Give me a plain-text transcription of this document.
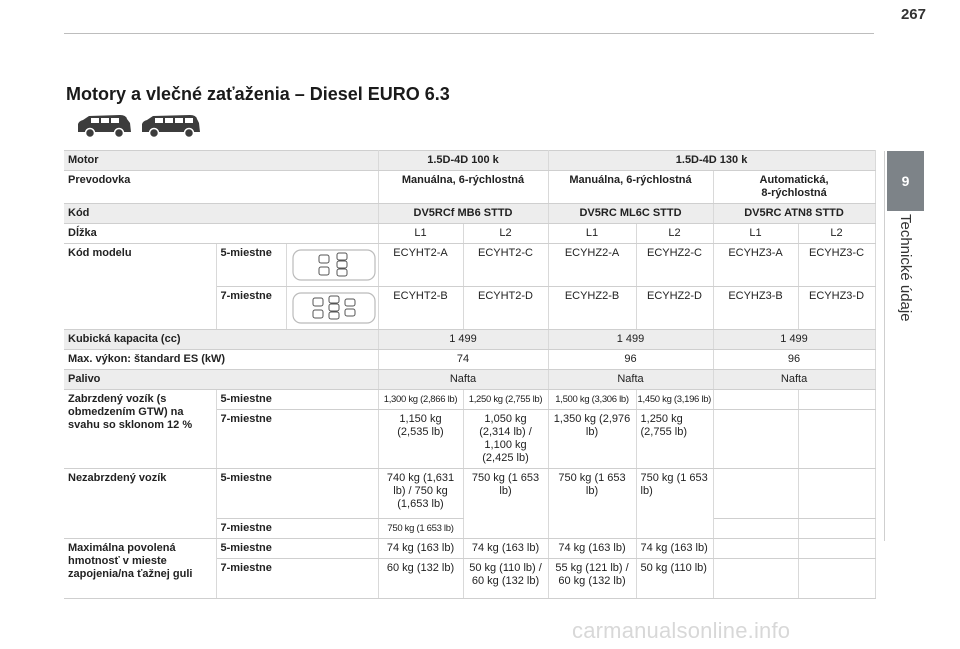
267
Motory a vlečné zaťaženia – Diesel EURO 6.3
9
Technické údaje
Motor			1.5D-4D 100 k		1.5D-4D 130 k			
Prevodovka			Manuálna, 6-rýchlostná		Manuálna, 6-rýchlostná		Automatická,
8-rýchlostná	
Kód			DV5RCf MB6 STTD		DV5RC ML6C STTD		DV5RC ATN8 STTD	
Dĺžka			L1	L2	L1	L2	L1	L2
Kód modelu	5-miestne		ECYHT2-A	ECYHT2-C	ECYHZ2-A	ECYHZ2-C	ECYHZ3-A	ECYHZ3-C
	7-miestne		ECYHT2-B	ECYHT2-D	ECYHZ2-B	ECYHZ2-D	ECYHZ3-B	ECYHZ3-D
Kubická kapacita (cc)			1 499		1 499		1 499	
Max. výkon: štandard ES (kW)			74		96		96	
Palivo			Nafta		Nafta		Nafta	
Zabrzdený vozík (s obmedzením GTW) na svahu so sklonom 12 %	5-miestne		1,300 kg (2,866 lb)	1,250 kg (2,755 lb)	1,500 kg (3,306 lb)	1,450 kg (3,196 lb)		
	7-miestne		1,150 kg (2,535 lb)	1,050 kg (2,314 lb) / 1,100 kg (2,425 lb)	1,350 kg (2,976 lb)	1,250 kg (2,755 lb)		
Nezabrzdený vozík	5-miestne		740 kg (1,631 lb) / 750 kg (1,653 lb)	750 kg (1 653 lb)	750 kg (1 653 lb)	750 kg (1 653 lb)		
	7-miestne		750 kg (1 653 lb)					
Maximálna povolená hmotnosť v mieste zapojenia/na ťažnej guli	5-miestne		74 kg (163 lb)	74 kg (163 lb)	74 kg (163 lb)	74 kg (163 lb)		
	7-miestne		60 kg (132 lb)	50 kg (110 lb) / 60 kg (132 lb)	55 kg (121 lb) / 60 kg (132 lb)	50 kg (110 lb)		
carmanualsonline.info
